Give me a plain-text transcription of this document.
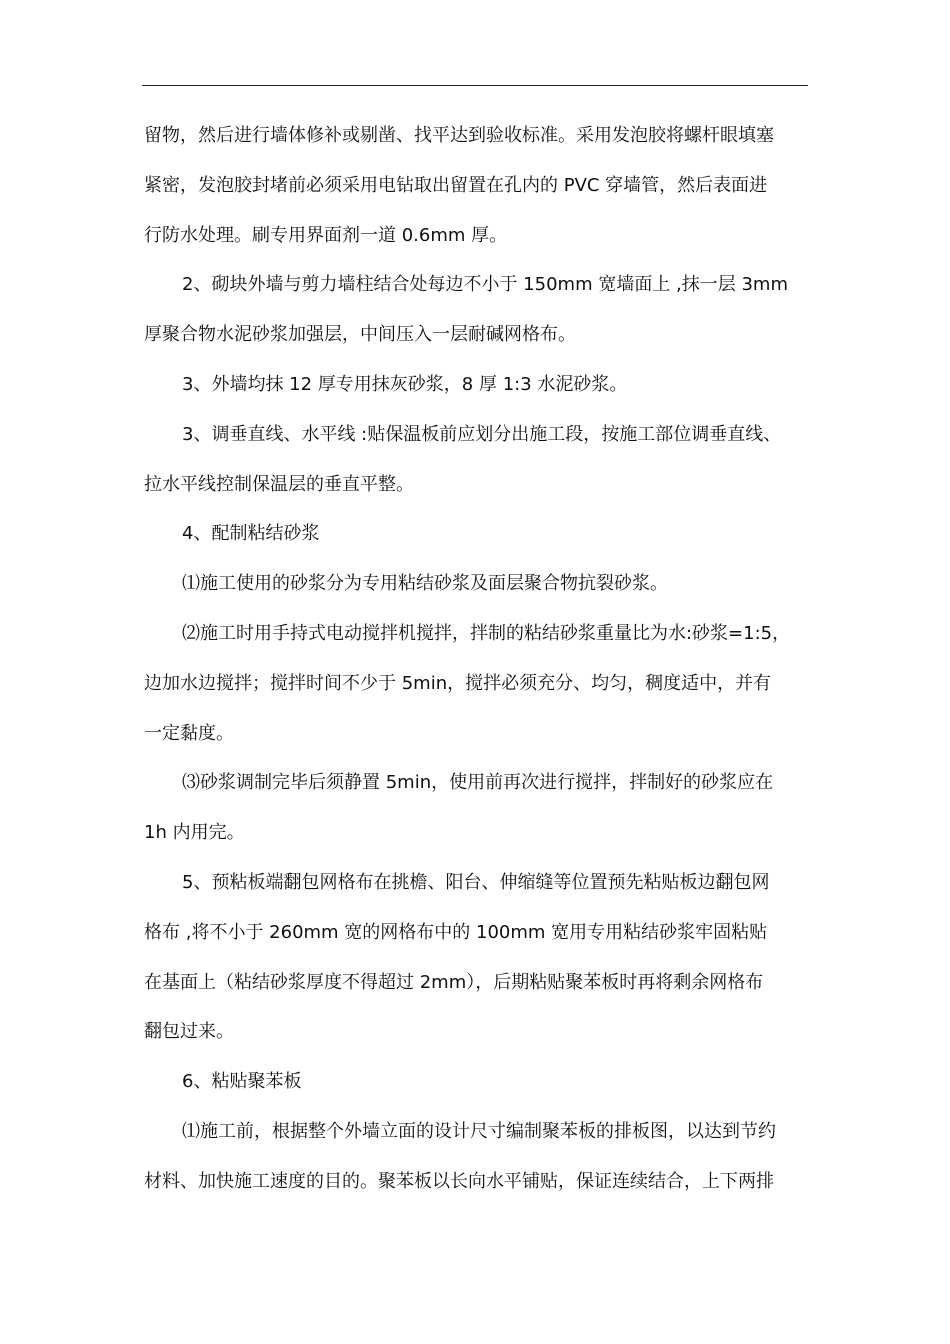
留物，然后进行墙体修补或剔凿、找平达到验收标准。采用发泡胶将螺杆眼填塞
紧密，发泡胶封堵前必须采用电钻取出留置在孔内的 PVC 穿墙管，然后表面进
行防水处理。刷专用界面剂一道 0.6mm 厚。
2、砌块外墙与剪力墙柱结合处每边不小于 150mm 宽墙面上 ,抹一层 3mm
厚聚合物水泥砂浆加强层，中间压入一层耐碱网格布。
3、外墙均抹 12 厚专用抹灰砂浆，8 厚 1:3 水泥砂浆。
3、调垂直线、水平线 :贴保温板前应划分出施工段，按施工部位调垂直线、
拉水平线控制保温层的垂直平整。
4、配制粘结砂浆
⑴施工使用的砂浆分为专用粘结砂浆及面层聚合物抗裂砂浆。
⑵施工时用手持式电动搅拌机搅拌，拌制的粘结砂浆重量比为水:砂浆=1:5，
边加水边搅拌；搅拌时间不少于 5min，搅拌必须充分、均匀，稠度适中，并有
一定黏度。
⑶砂浆调制完毕后须静置 5min，使用前再次进行搅拌，拌制好的砂浆应在
1h 内用完。
5、预粘板端翻包网格布在挑檐、阳台、伸缩缝等位置预先粘贴板边翻包网
格布 ,将不小于 260mm 宽的网格布中的 100mm 宽用专用粘结砂浆牢固粘贴
在基面上（粘结砂浆厚度不得超过 2mm），后期粘贴聚苯板时再将剩余网格布
翻包过来。
6、粘贴聚苯板
⑴施工前，根据整个外墙立面的设计尺寸编制聚苯板的排板图，以达到节约
材料、加快施工速度的目的。聚苯板以长向水平铺贴，保证连续结合，上下两排
